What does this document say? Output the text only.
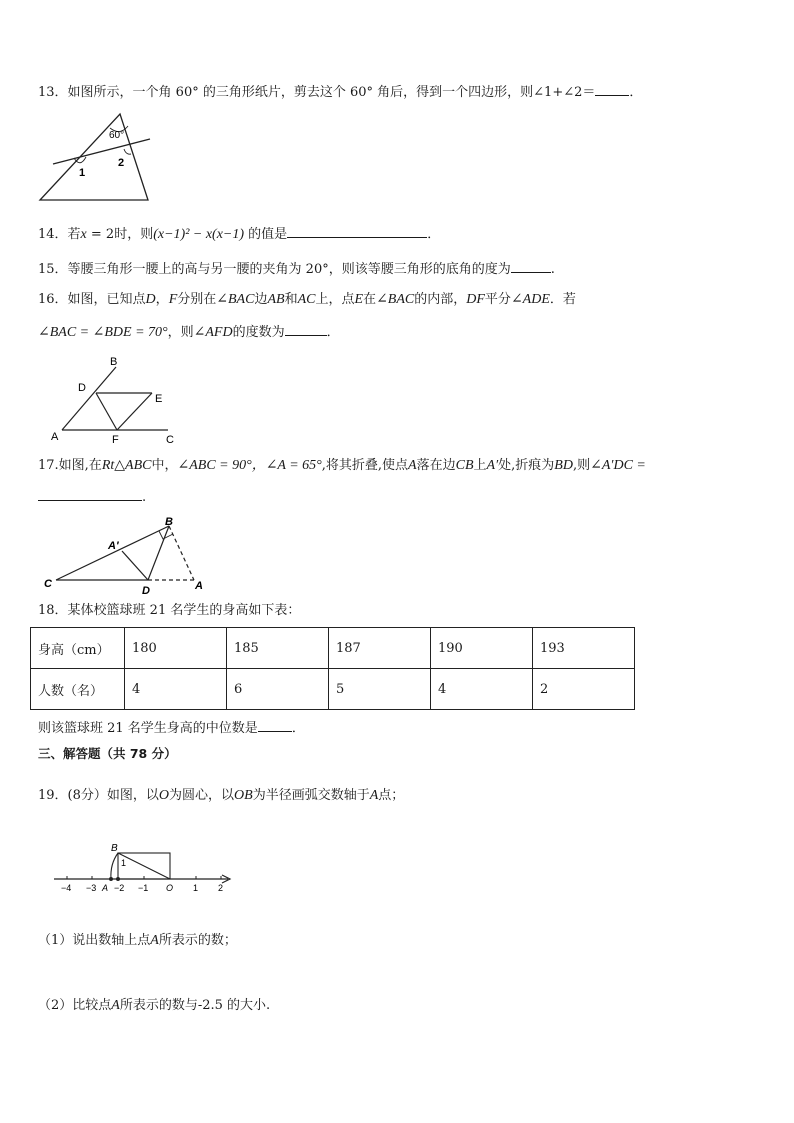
13．如图所示，一个角 60° 的三角形纸片，剪去这个 60° 角后，得到一个四边形，则∠1+∠2＝	．
60°
1
2
14．若x = 2时，则(x−1)² − x(x−1) 的值是	．
15．等腰三角形一腰上的高与另一腰的夹角为 20°，则该等腰三角形的底角的度为	.
16．如图，已知点D，F分别在∠BAC边AB和AC上，点E在∠BAC的内部，DF平分∠ADE．若
∠BAC = ∠BDE = 70°，则∠AFD的度数为	．
B
D
E
A	F	C
17.如图,在Rt△ABC中，∠ABC = 90°，∠A = 65°,将其折叠,使点A落在边CB上A′处,折痕为BD,则∠A′DC =
.
B
A′
C
D	A
18．某体校篮球班 21 名学生的身高如下表：
身高（cm）	180	185	187	190	193
人数（名）	4	6	5	4	2
则该篮球班 21 名学生身高的中位数是	．
三、解答题（共 78 分）
19．(8分）如图，以O为圆心，以OB为半径画弧交数轴于A点；
B
1
−4 −3 A −2 −1 O 1 2
（1）说出数轴上点A所表示的数；
（2）比较点A所表示的数与-2.5 的大小.
